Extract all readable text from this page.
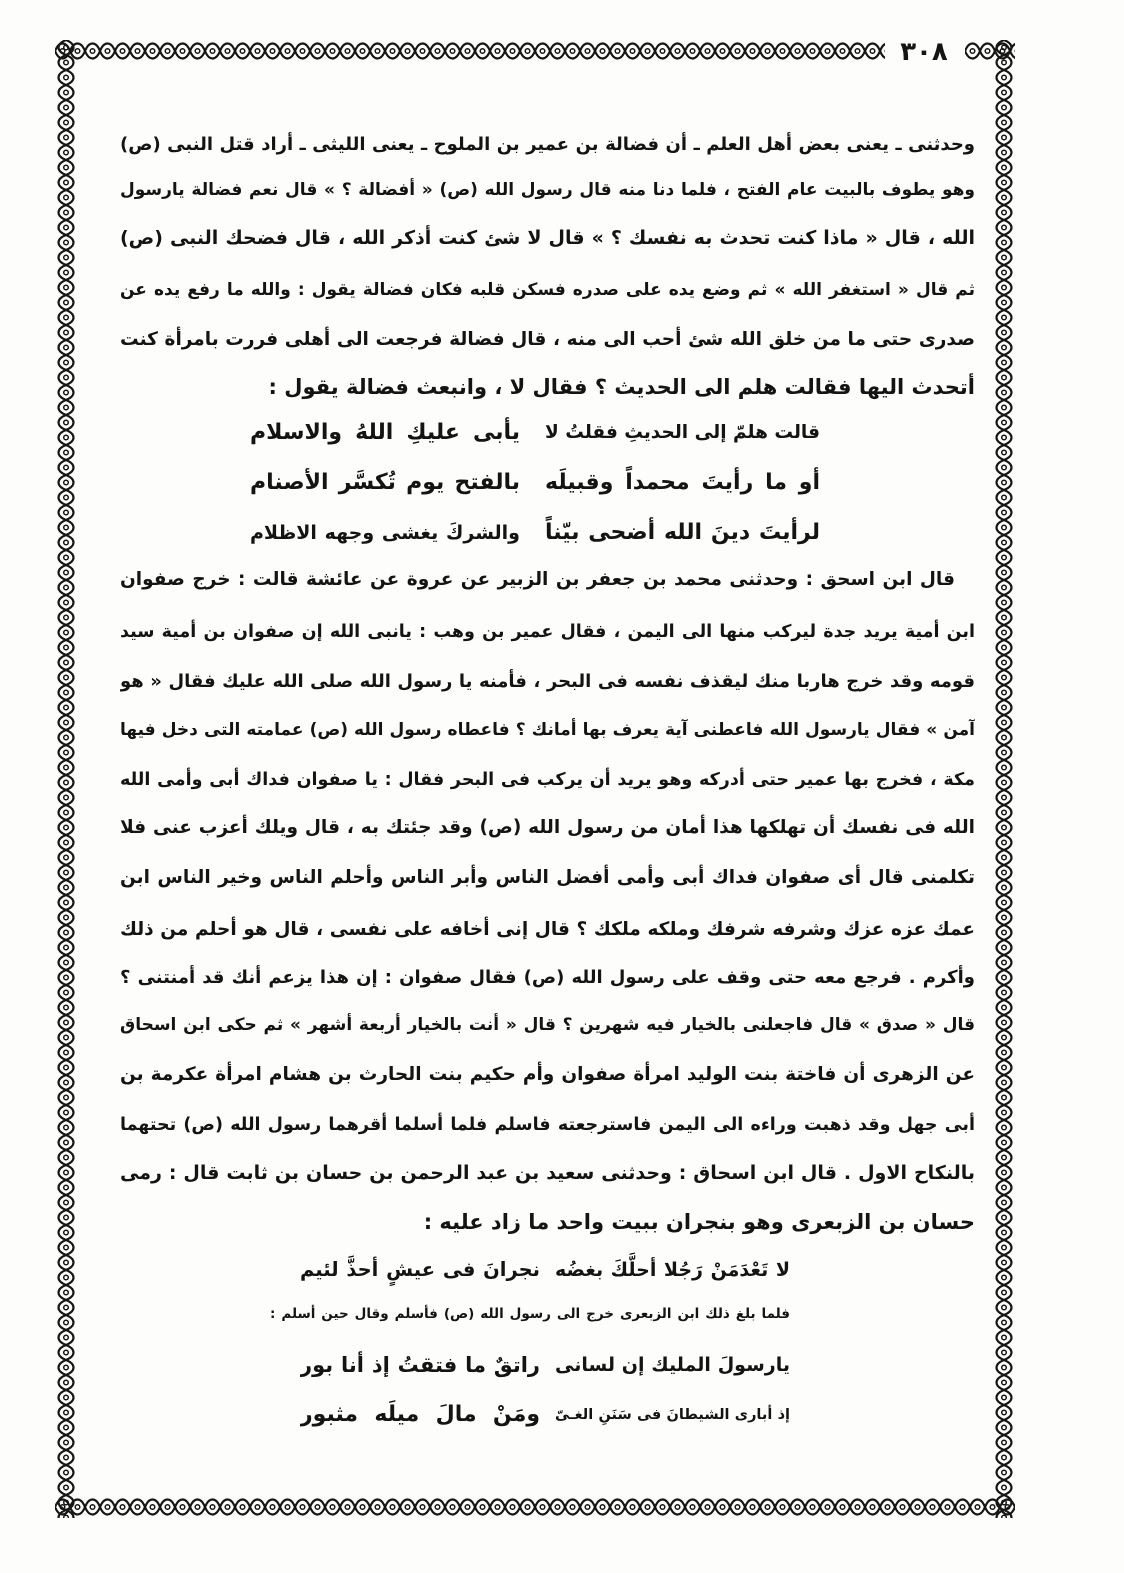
٣٠٨
وحدثنى ـ يعنى بعض أهل العلم ـ أن فضالة بن عمير بن الملوح ـ يعنى الليثى ـ أراد قتل النبى (ص)
وهو يطوف بالبيت عام الفتح ، فلما دنا منه قال رسول الله (ص) « أفضالة ؟ » قال نعم فضالة يارسول
الله ، قال « ماذا كنت تحدث به نفسك ؟ » قال لا شئ كنت أذكر الله ، قال فضحك النبى (ص)
ثم قال « استغفر الله » ثم وضع يده على صدره فسكن قلبه فكان فضالة يقول : والله ما رفع يده عن
صدرى حتى ما من خلق الله شئ أحب الى منه ، قال فضالة فرجعت الى أهلى فررت بامرأة كنت
أتحدث اليها فقالت هلم الى الحديث ؟ فقال لا ، وانبعث فضالة يقول :
قالت هلمّ إلى الحديثِ فقلتُ لا
يأبى عليكِ اللهُ والاسلام
أو ما رأيتَ محمداً وقبيلَه
بالفتح يوم تُكسَّر الأصنام
لرأيتَ دينَ الله أضحى بيّناً
والشركَ يغشى وجهه الاظلام
قال ابن اسحق : وحدثنى محمد بن جعفر بن الزبير عن عروة عن عائشة قالت : خرج صفوان
ابن أمية يريد جدة ليركب منها الى اليمن ، فقال عمير بن وهب : يانبى الله إن صفوان بن أمية سيد
قومه وقد خرج هاربا منك ليقذف نفسه فى البحر ، فأمنه يا رسول الله صلى الله عليك فقال « هو
آمن » فقال يارسول الله فاعطنى آية يعرف بها أمانك ؟ فاعطاه رسول الله (ص) عمامته التى دخل فيها
مكة ، فخرج بها عمير حتى أدركه وهو يريد أن يركب فى البحر فقال : يا صفوان فداك أبى وأمى الله
الله فى نفسك أن تهلكها هذا أمان من رسول الله (ص) وقد جئتك به ، قال ويلك أعزب عنى فلا
تكلمنى قال أى صفوان فداك أبى وأمى أفضل الناس وأبر الناس وأحلم الناس وخير الناس ابن
عمك عزه عزك وشرفه شرفك وملكه ملكك ؟ قال إنى أخافه على نفسى ، قال هو أحلم من ذلك
وأكرم . فرجع معه حتى وقف على رسول الله (ص) فقال صفوان : إن هذا يزعم أنك قد أمنتنى ؟
قال « صدق » قال فاجعلنى بالخيار فيه شهرين ؟ قال « أنت بالخيار أربعة أشهر » ثم حكى ابن اسحاق
عن الزهرى أن فاختة بنت الوليد امرأة صفوان وأم حكيم بنت الحارث بن هشام امرأة عكرمة بن
أبى جهل وقد ذهبت وراءه الى اليمن فاسترجعته فاسلم فلما أسلما أقرهما رسول الله (ص) تحتهما
بالنكاح الاول . قال ابن اسحاق : وحدثنى سعيد بن عبد الرحمن بن حسان بن ثابت قال : رمى
حسان بن الزبعرى وهو بنجران ببيت واحد ما زاد عليه :
لا تَعْدَمَنْ رَجُلا أحلَّكَ بغضُه
نجرانَ فى عيشٍ أحذَّ لئيم
فلما بلغ ذلك ابن الزبعرى خرج الى رسول الله (ص) فأسلم وقال حين أسلم :
يارسولَ المليك إن لسانى
راتقٌ ما فتقتُ إذ أنا بور
إذ أبارى الشيطانَ فى سَنَنِ الغـىّ
ومَنْ مالَ ميلَه مثبور
